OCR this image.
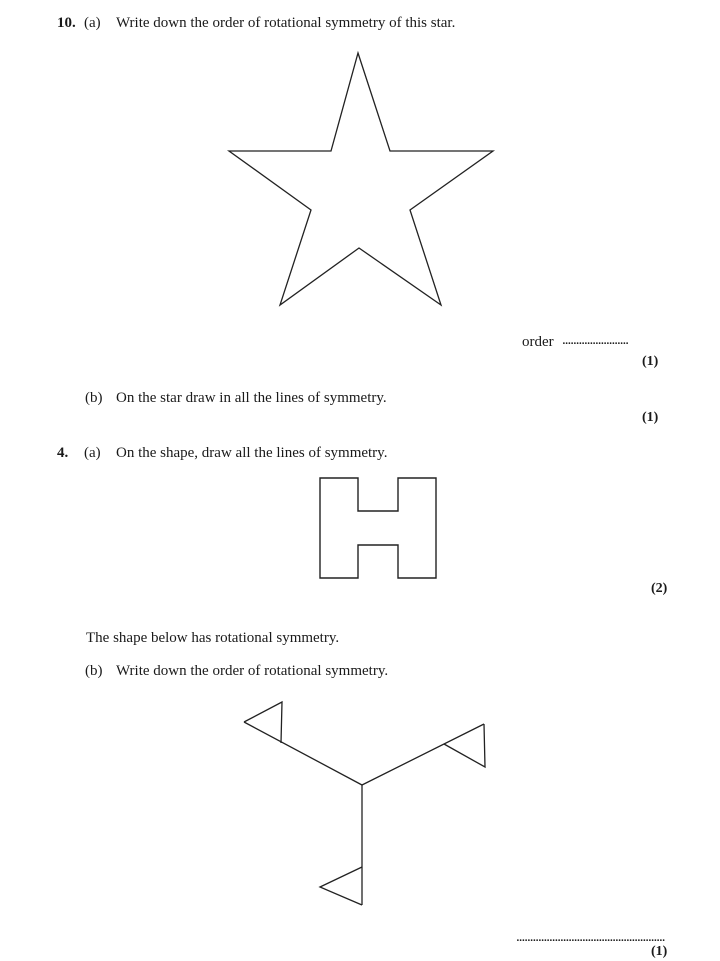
10. (a) Write down the order of rotational symmetry of this star.
order ........................
(1)
(b) On the star draw in all the lines of symmetry.
(1)
4. (a) On the shape, draw all the lines of symmetry.
(2)
The shape below has rotational symmetry.
(b) Write down the order of rotational symmetry.
......................................................
(1)
